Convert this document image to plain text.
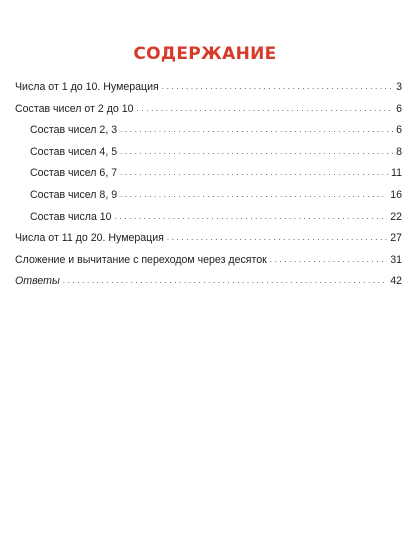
СОДЕРЖАНИЕ
Числа от 1 до 10. Нумерация . . .	3
Состав чисел от 2 до 10 . . .	6
Состав чисел 2, 3 . . .	6
Состав чисел 4, 5 . . .	8
Состав чисел 6, 7 . . .	11
Состав чисел 8, 9 . . .	16
Состав числа 10 . . .	22
Числа от 11 до 20. Нумерация . . .	27
Сложение и вычитание с переходом через десяток . . .	31
Ответы . . .	42
